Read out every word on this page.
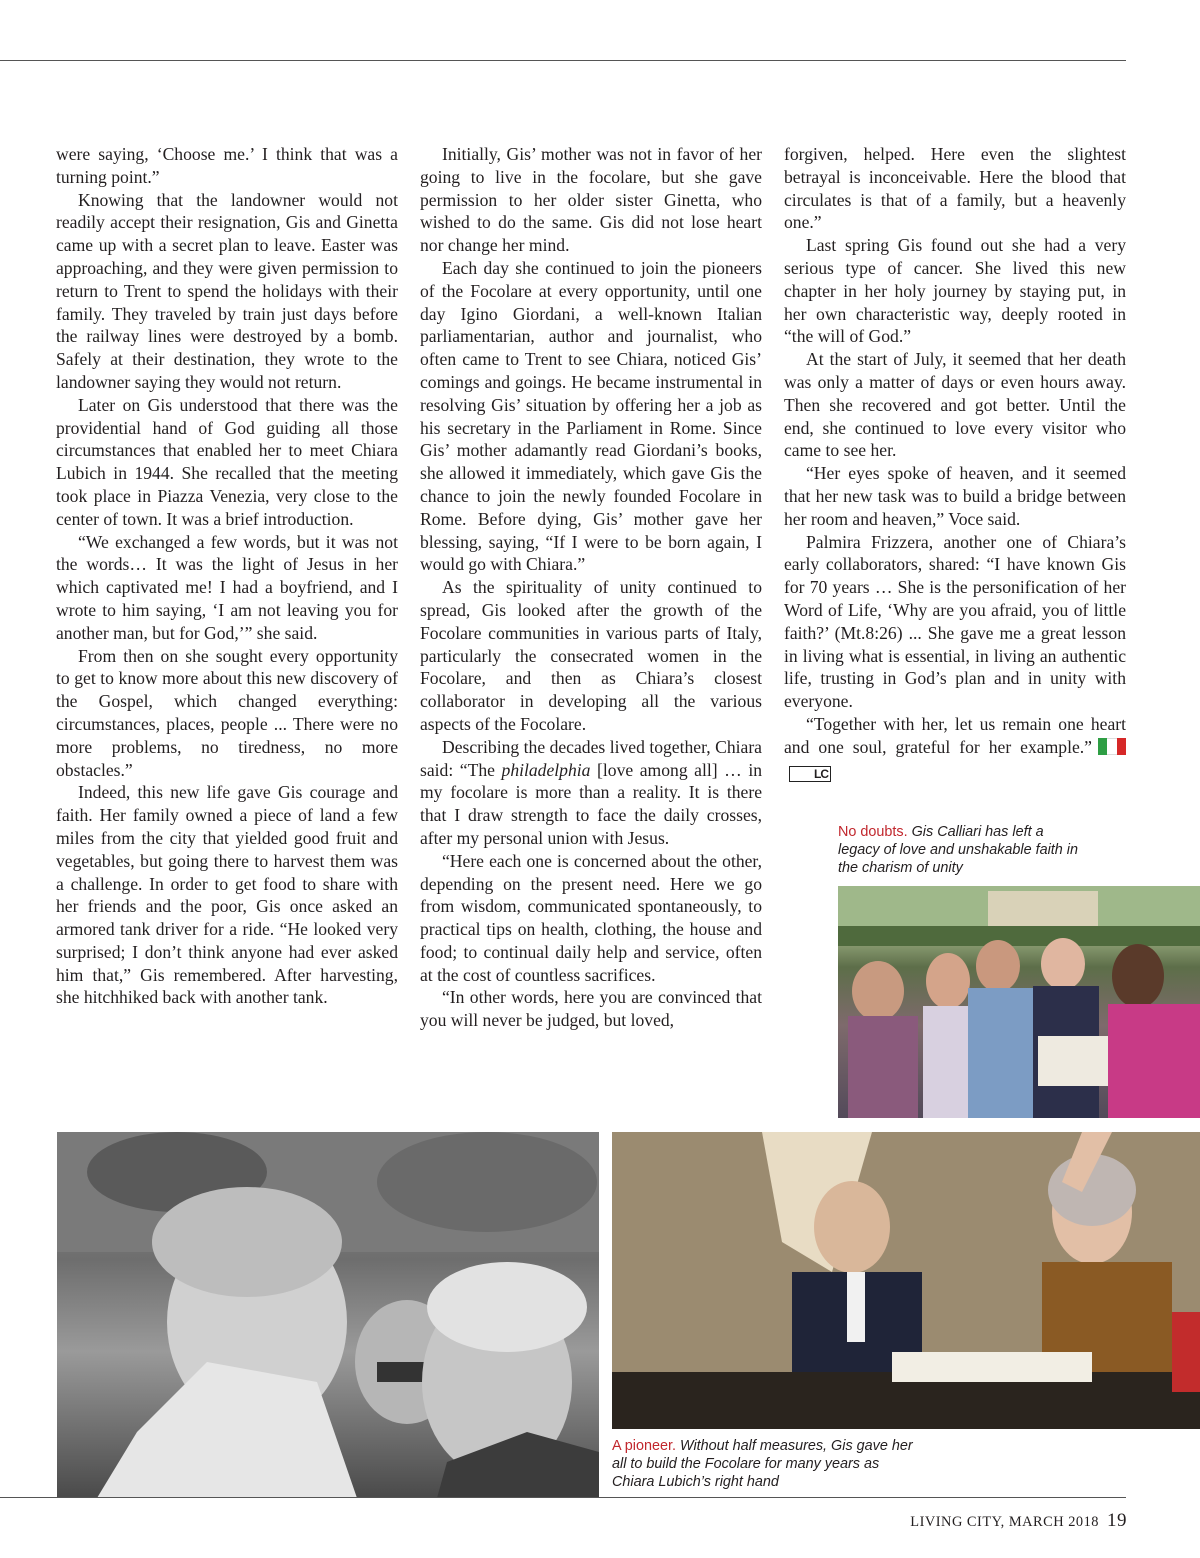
were saying, ‘Choose me.’ I think that was a turning point.”

Knowing that the landowner would not readily accept their resignation, Gis and Ginetta came up with a secret plan to leave. Easter was approaching, and they were given permission to return to Trent to spend the holidays with their family. They traveled by train just days before the railway lines were destroyed by a bomb. Safely at their destination, they wrote to the landowner saying they would not return.

Later on Gis understood that there was the providential hand of God guiding all those circumstances that enabled her to meet Chiara Lubich in 1944. She recalled that the meeting took place in Piazza Venezia, very close to the center of town. It was a brief introduction.

“We exchanged a few words, but it was not the words… It was the light of Jesus in her which captivated me! I had a boyfriend, and I wrote to him saying, ‘I am not leaving you for another man, but for God,’” she said.

From then on she sought every opportunity to get to know more about this new discovery of the Gospel, which changed everything: circumstances, places, people ... There were no more problems, no tiredness, no more obstacles.”

Indeed, this new life gave Gis courage and faith. Her family owned a piece of land a few miles from the city that yielded good fruit and vegetables, but going there to harvest them was a challenge. In order to get food to share with her friends and the poor, Gis once asked an armored tank driver for a ride. “He looked very surprised; I don’t think anyone had ever asked him that,” Gis remembered. After harvesting, she hitchhiked back with another tank.

Initially, Gis’ mother was not in favor of her going to live in the focolare, but she gave permission to her older sister Ginetta, who wished to do the same. Gis did not lose heart nor change her mind.

Each day she continued to join the pioneers of the Focolare at every opportunity, until one day Igino Giordani, a well-known Italian parliamentarian, author and journalist, who often came to Trent to see Chiara, noticed Gis’ comings and goings. He became instrumental in resolving Gis’ situation by offering her a job as his secretary in the Parliament in Rome. Since Gis’ mother adamantly read Giordani’s books, she allowed it immediately, which gave Gis the chance to join the newly founded Focolare in Rome. Before dying, Gis’ mother gave her blessing, saying, “If I were to be born again, I would go with Chiara.”

As the spirituality of unity continued to spread, Gis looked after the growth of the Focolare communities in various parts of Italy, particularly the consecrated women in the Focolare, and then as Chiara’s closest collaborator in developing all the various aspects of the Focolare.

Describing the decades lived together, Chiara said: “The philadelphia [love among all] … in my focolare is more than a reality. It is there that I draw strength to face the daily crosses, after my personal union with Jesus.

“Here each one is concerned about the other, depending on the present need. Here we go from wisdom, communicated spontaneously, to practical tips on health, clothing, the house and food; to continual daily help and service, often at the cost of countless sacrifices.

“In other words, here you are convinced that you will never be judged, but loved,

forgiven, helped. Here even the slightest betrayal is inconceivable. Here the blood that circulates is that of a family, but a heavenly one.”

Last spring Gis found out she had a very serious type of cancer. She lived this new chapter in her holy journey by staying put, in her own characteristic way, deeply rooted in “the will of God.”

At the start of July, it seemed that her death was only a matter of days or even hours away. Then she recovered and got better. Until the end, she continued to love every visitor who came to see her.

“Her eyes spoke of heaven, and it seemed that her new task was to build a bridge between her room and heaven,” Voce said.

Palmira Frizzera, another one of Chiara’s early collaborators, shared: “I have known Gis for 70 years … She is the personification of her Word of Life, ‘Why are you afraid, you of little faith?’ (Mt.8:26) ... She gave me a great lesson in living what is essential, in living an authentic life, trusting in God’s plan and in unity with everyone.

“Together with her, let us remain one heart and one soul, grateful for her example.”
LC

No doubts. Gis Calliari has left a legacy of love and unshakable faith in the charism of unity
A pioneer. Without half measures, Gis gave her all to build the Focolare for many years as Chiara Lubich’s right hand
LIVING CITY, MARCH 2018 19
